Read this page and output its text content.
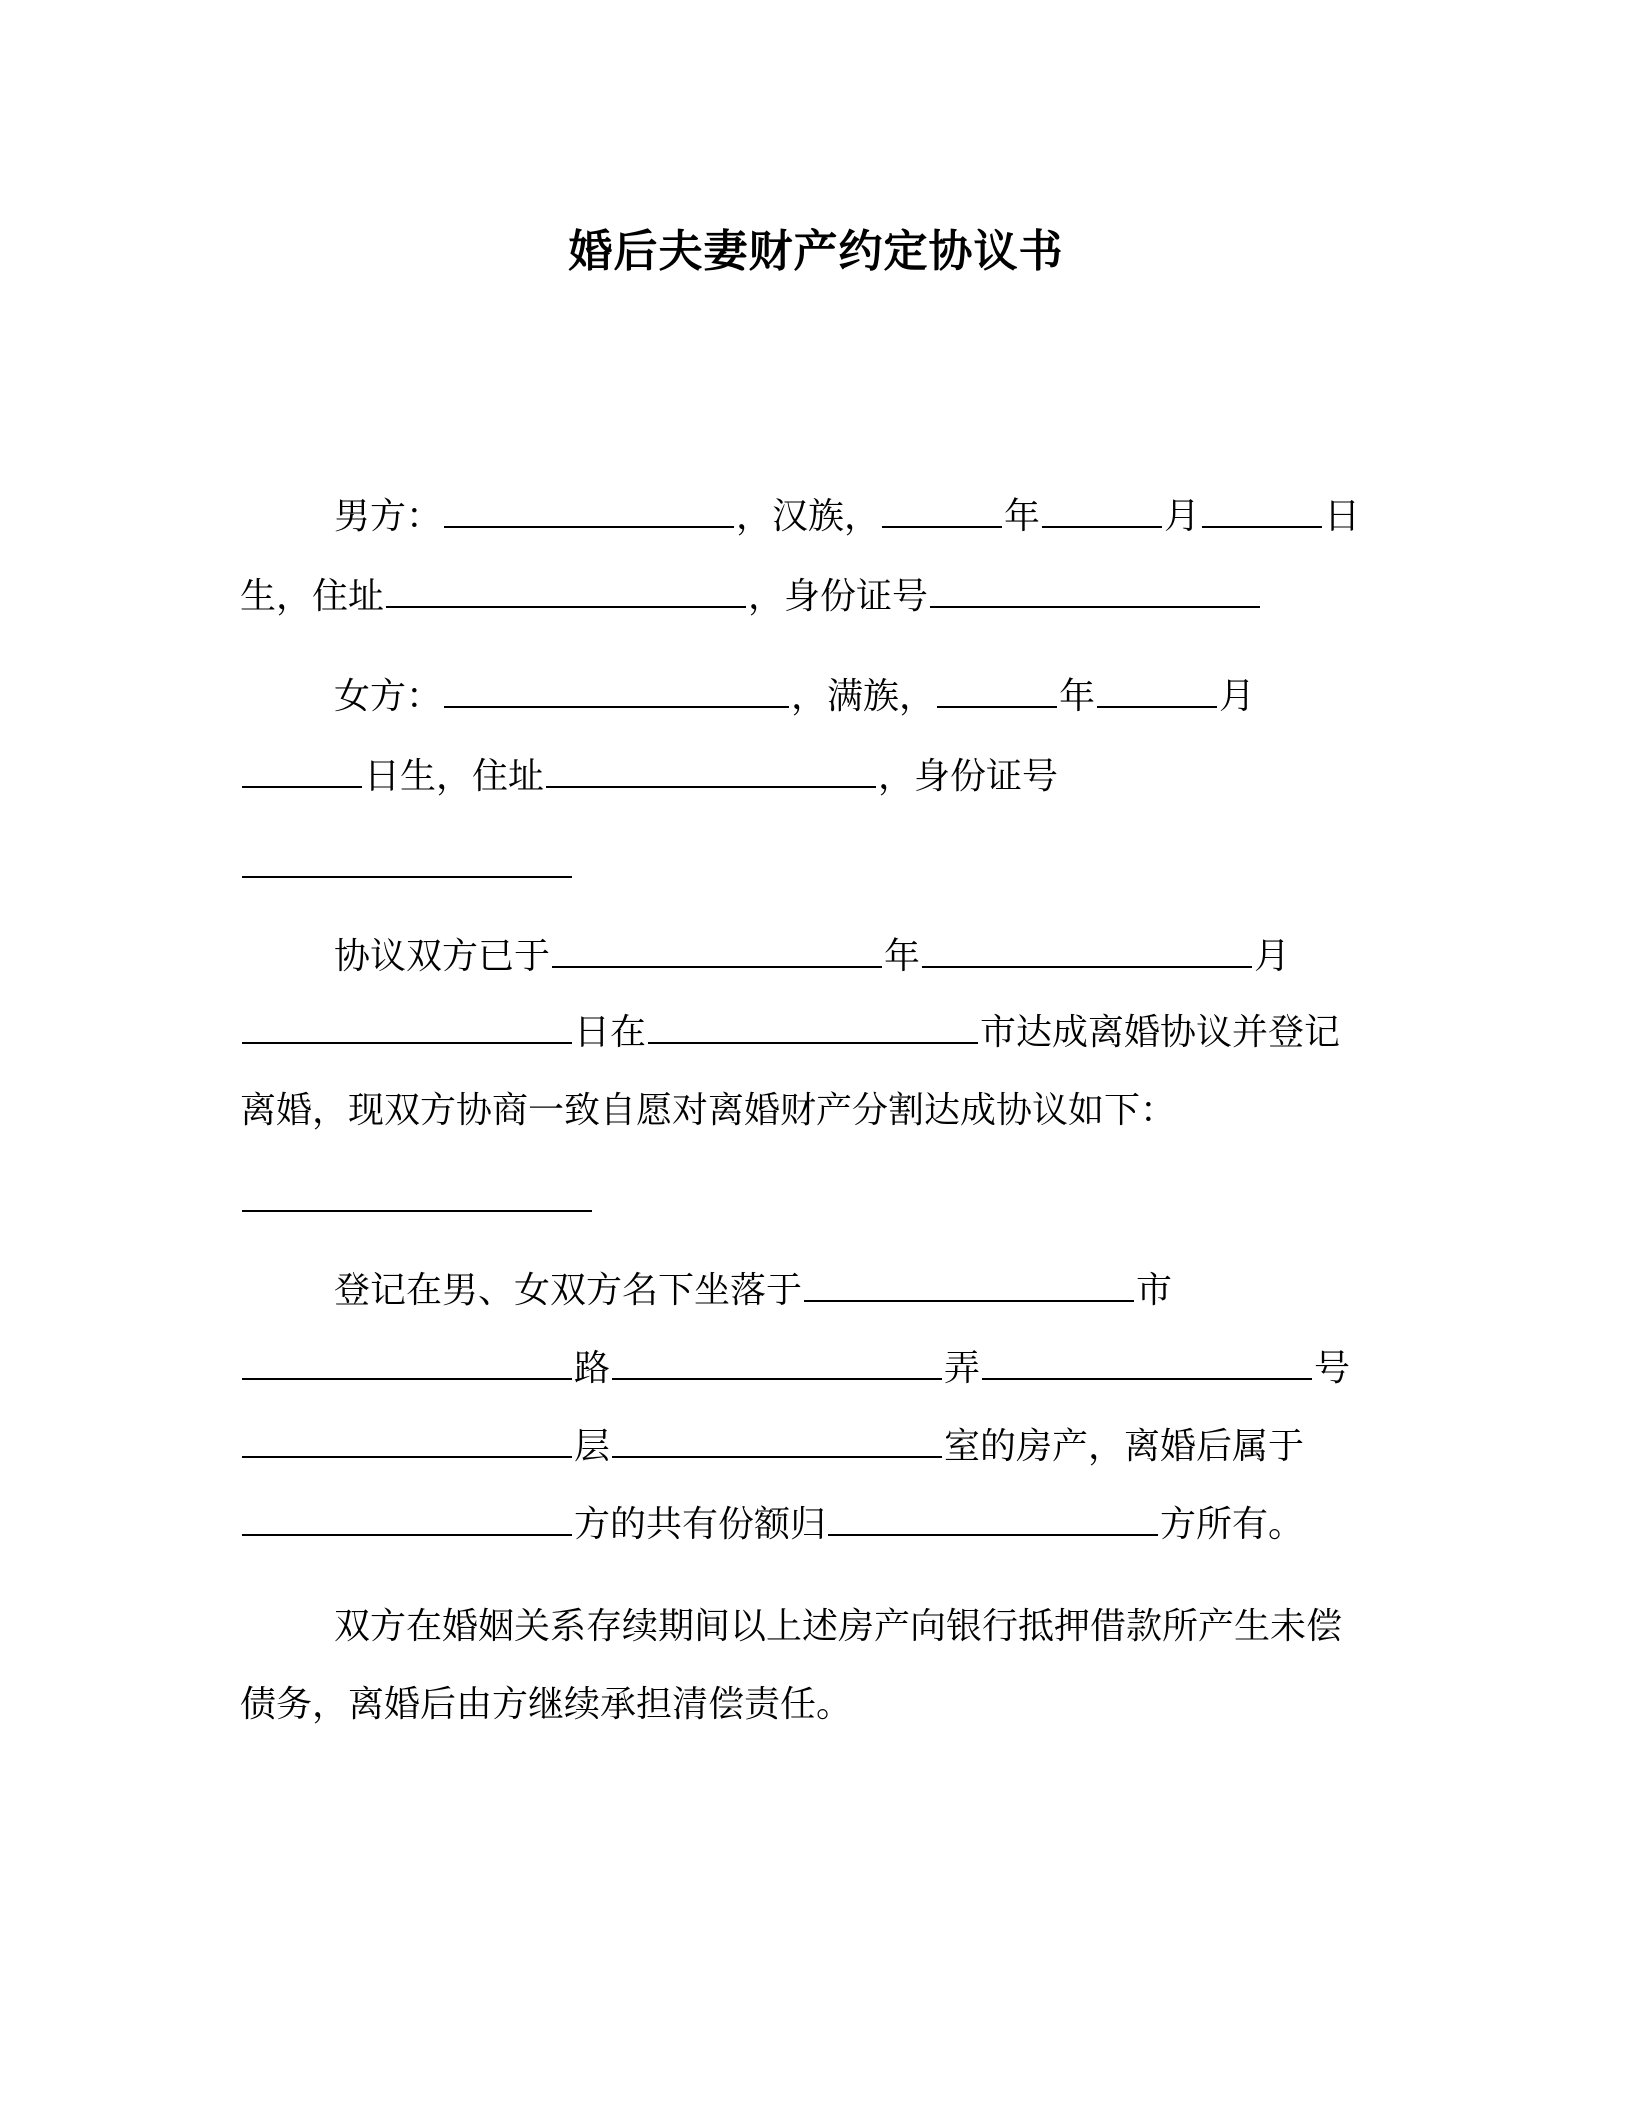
婚后夫妻财产约定协议书
男方：	，汉族，	年	月	日
生，住址	，身份证号
女方：	，满族，	年	月
日生，住址	，身份证号
协议双方已于	年	月
日在	市达成离婚协议并登记
离婚，现双方协商一致自愿对离婚财产分割达成协议如下：
登记在男、女双方名下坐落于	市
路	弄	号
层	室的房产，离婚后属于
方的共有份额归	方所有。
双方在婚姻关系存续期间以上述房产向银行抵押借款所产生未偿
债务，离婚后由方继续承担清偿责任。
